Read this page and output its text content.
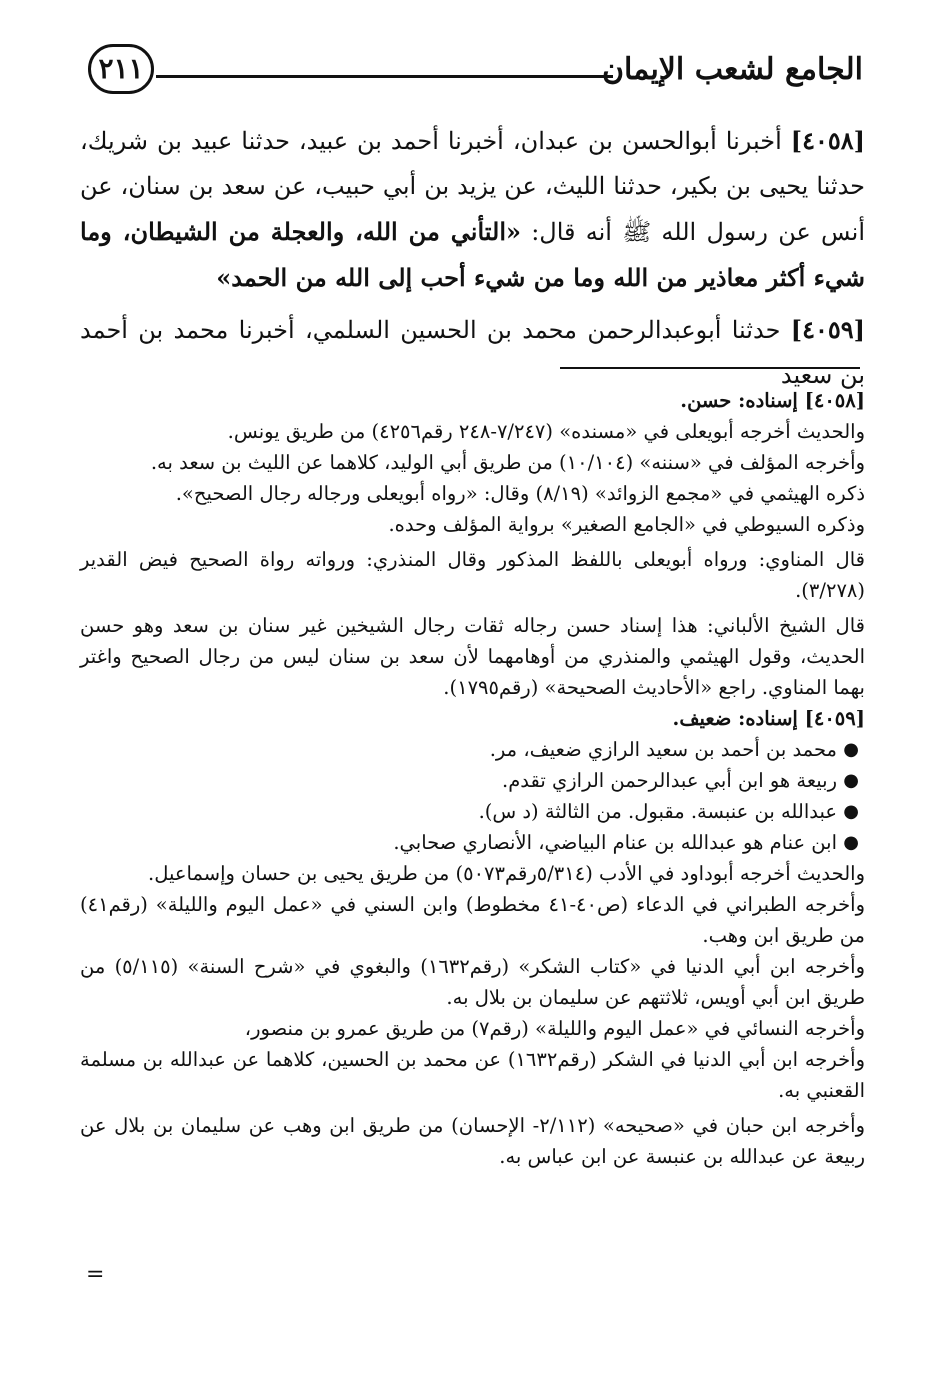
الجامع لشعب الإيمان
٢١١

[٤٠٥٨] أخبرنا أبوالحسن بن عبدان، أخبرنا أحمد بن عبيد، حدثنا عبيد بن شريك، حدثنا يحيى بن بكير، حدثنا الليث، عن يزيد بن أبي حبيب، عن سعد بن سنان، عن أنس عن رسول الله ﷺ أنه قال: «التأني من الله، والعجلة من الشيطان، وما شيء أكثر معاذير من الله وما من شيء أحب إلى الله من الحمد»

[٤٠٥٩] حدثنا أبوعبدالرحمن محمد بن الحسين السلمي، أخبرنا محمد بن أحمد بن سعيد

[٤٠٥٨] إسناده: حسن.

والحديث أخرجه أبويعلى في «مسنده» (٧/٢٤٧-٢٤٨ رقم٤٢٥٦) من طريق يونس.

وأخرجه المؤلف في «سننه» (١٠/١٠٤) من طريق أبي الوليد، كلاهما عن الليث بن سعد به.

ذكره الهيثمي في «مجمع الزوائد» (٨/١٩) وقال: «رواه أبويعلى ورجاله رجال الصحيح».

وذكره السيوطي في «الجامع الصغير» برواية المؤلف وحده.

قال المناوي: ورواه أبويعلى باللفظ المذكور وقال المنذري: ورواته رواة الصحيح فيض القدير (٣/٢٧٨).

قال الشيخ الألباني: هذا إسناد حسن رجاله ثقات رجال الشيخين غير سنان بن سعد وهو حسن الحديث، وقول الهيثمي والمنذري من أوهامهما لأن سعد بن سنان ليس من رجال الصحيح واغتر بهما المناوي. راجع «الأحاديث الصحيحة» (رقم١٧٩٥).

[٤٠٥٩] إسناده: ضعيف.

●
محمد بن أحمد بن سعيد الرازي ضعيف، مر.
●
ربيعة هو ابن أبي عبدالرحمن الرازي تقدم.
●
عبدالله بن عنبسة. مقبول. من الثالثة (د س).
●
ابن عنام هو عبدالله بن عنام البياضي، الأنصاري صحابي.

والحديث أخرجه أبوداود في الأدب (٥/٣١٤رقم٥٠٧٣) من طريق يحيى بن حسان وإسماعيل.

وأخرجه الطبراني في الدعاء (ص٤٠-٤١ مخطوط) وابن السني في «عمل اليوم والليلة» (رقم٤١) من طريق ابن وهب.

وأخرجه ابن أبي الدنيا في «كتاب الشكر» (رقم١٦٣٢) والبغوي في «شرح السنة» (٥/١١٥) من طريق ابن أبي أويس، ثلاثتهم عن سليمان بن بلال به.

وأخرجه النسائي في «عمل اليوم والليلة» (رقم٧) من طريق عمرو بن منصور،

وأخرجه ابن أبي الدنيا في الشكر (رقم١٦٣٢) عن محمد بن الحسين، كلاهما عن عبدالله بن مسلمة القعنبي به.

وأخرجه ابن حبان في «صحيحه» (٢/١١٢- الإحسان) من طريق ابن وهب عن سليمان بن بلال عن ربيعة عن عبدالله بن عنبسة عن ابن عباس به.

=
